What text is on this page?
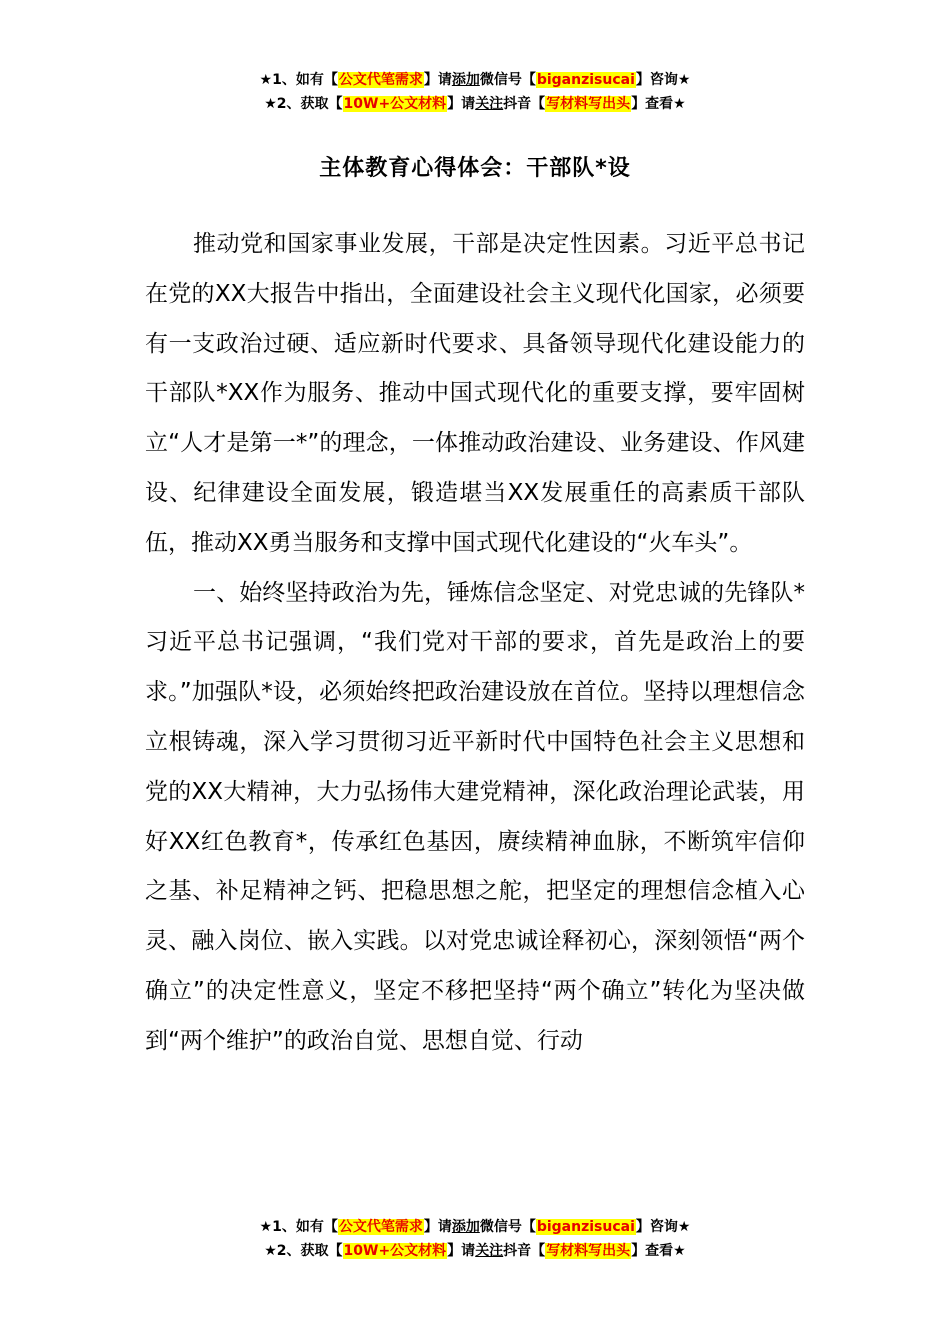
★1、如有【公文代笔需求】请添加微信号【biganzisucai】咨询★
★2、获取【10W+公文材料】请关注抖音【写材料写出头】查看★
主体教育心得体会：干部队*设

推动党和国家事业发展，干部是决定性因素。习近平总书记在党的XX大报告中指出，全面建设社会主义现代化国家，必须要有一支政治过硬、适应新时代要求、具备领导现代化建设能力的干部队*XX作为服务、推动中国式现代化的重要支撑，要牢固树立“人才是第一*”的理念，一体推动政治建设、业务建设、作风建设、纪律建设全面发展，锻造堪当XX发展重任的高素质干部队伍，推动XX勇当服务和支撑中国式现代化建设的“火车头”。

一、始终坚持政治为先，锤炼信念坚定、对党忠诚的先锋队*习近平总书记强调，“我们党对干部的要求，首先是政治上的要求。”加强队*设，必须始终把政治建设放在首位。坚持以理想信念立根铸魂，深入学习贯彻习近平新时代中国特色社会主义思想和党的XX大精神，大力弘扬伟大建党精神，深化政治理论武装，用好XX红色教育*，传承红色基因，赓续精神血脉，不断筑牢信仰之基、补足精神之钙、把稳思想之舵，把坚定的理想信念植入心灵、融入岗位、嵌入实践。以对党忠诚诠释初心，深刻领悟“两个确立”的决定性意义，坚定不移把坚持“两个确立”转化为坚决做到“两个维护”的政治自觉、思想自觉、行动

★1、如有【公文代笔需求】请添加微信号【biganzisucai】咨询★
★2、获取【10W+公文材料】请关注抖音【写材料写出头】查看★
